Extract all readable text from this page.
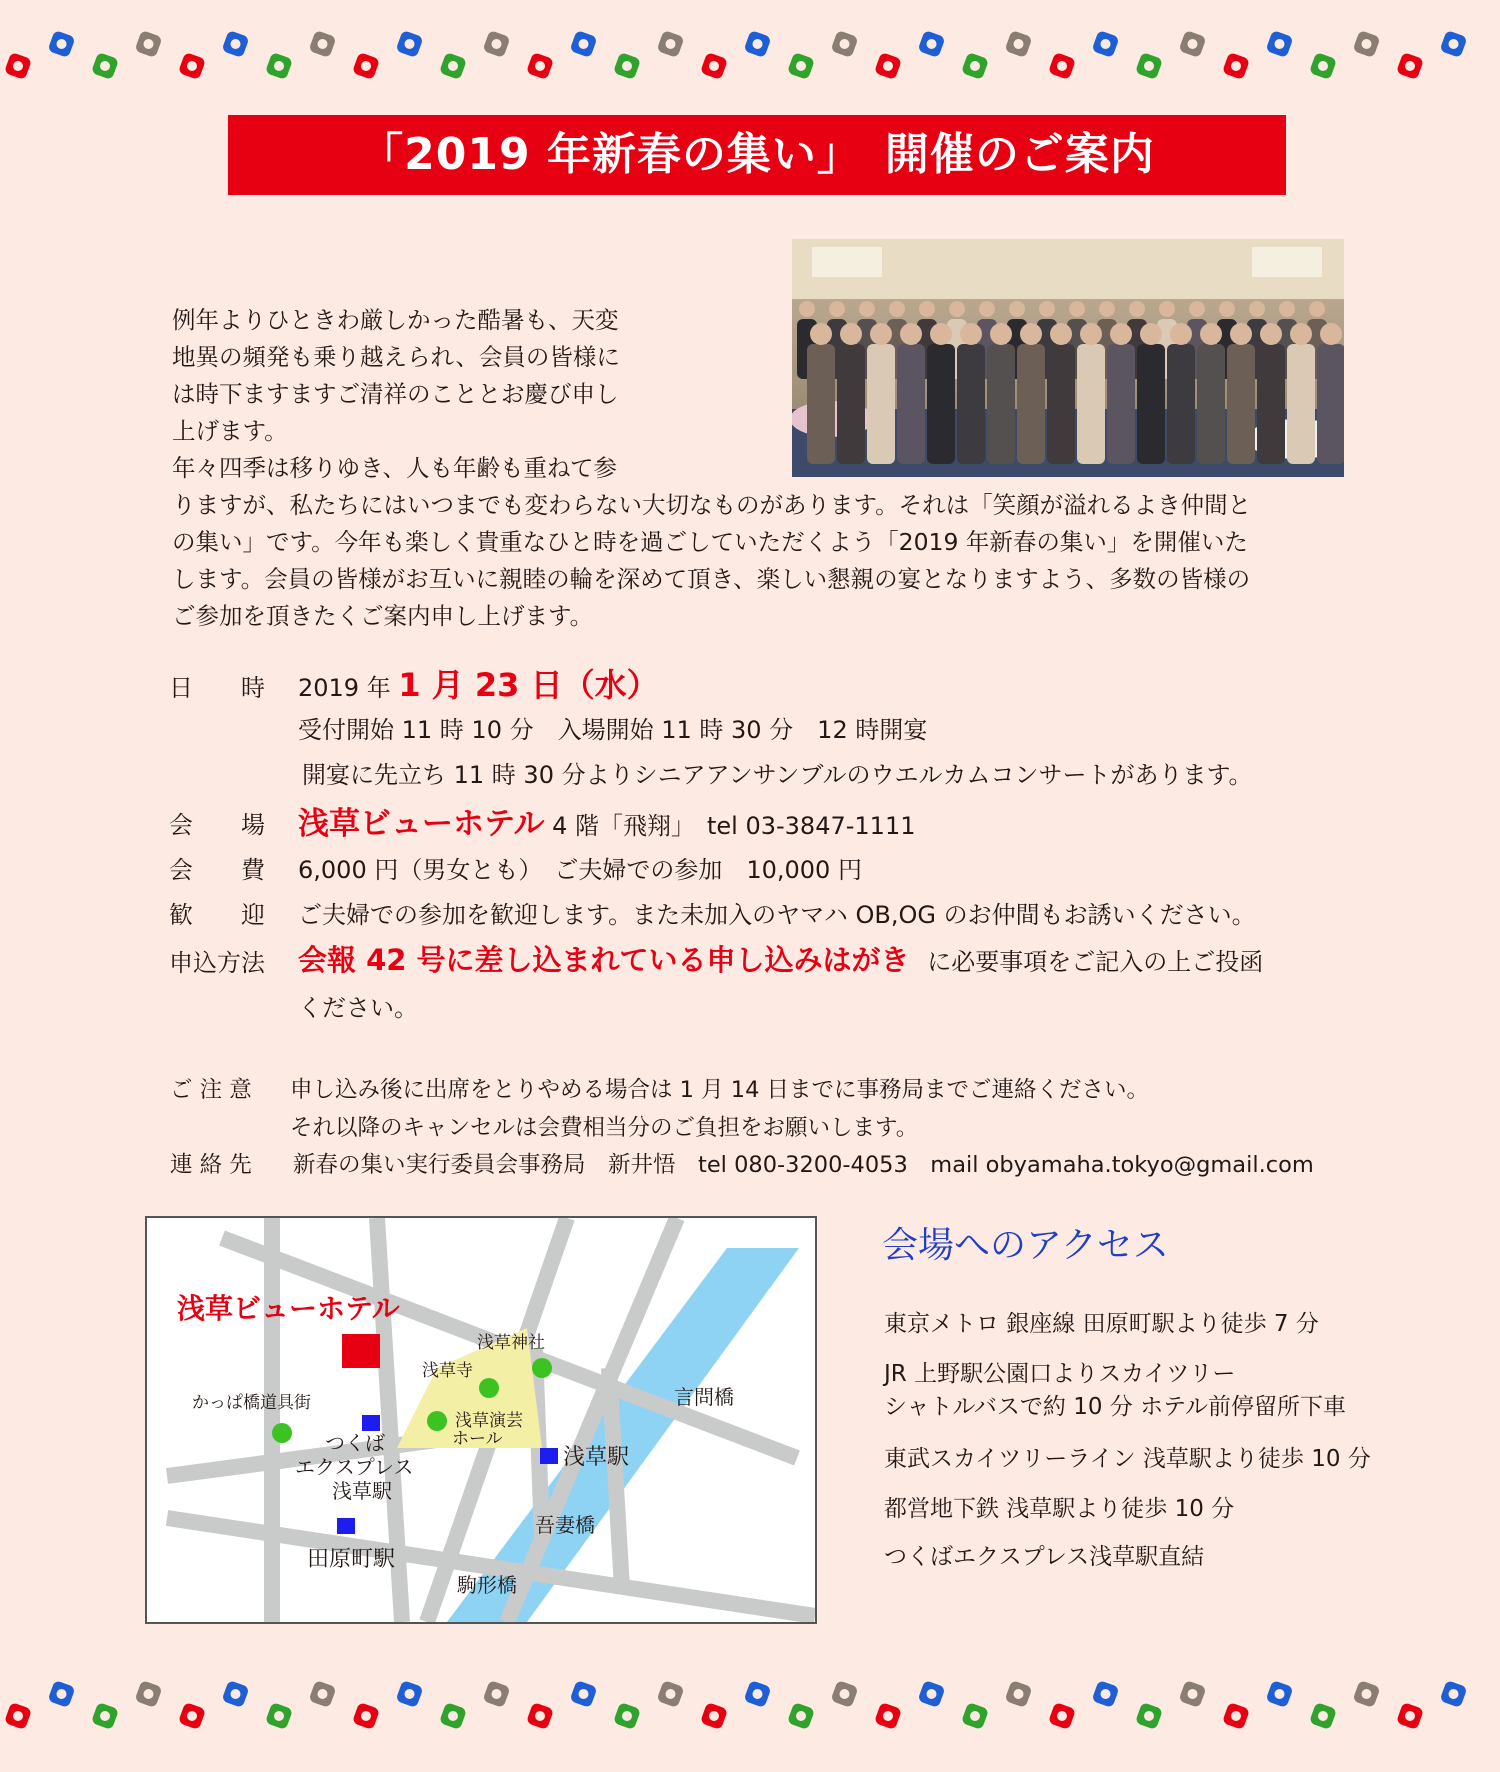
「2019 年新春の集い」　開催のご案内
例年よりひときわ厳しかった酷暑も、天変
地異の頻発も乗り越えられ、会員の皆様に
は時下ますますご清祥のこととお慶び申し
上げます。
年々四季は移りゆき、人も年齢も重ねて参
りますが、私たちにはいつまでも変わらない大切なものがあります。それは「笑顔が溢れるよき仲間と
の集い」です。今年も楽しく貴重なひと時を過ごしていただくよう「2019 年新春の集い」を開催いた
します。会員の皆様がお互いに親睦の輪を深めて頂き、楽しい懇親の宴となりますよう、多数の皆様の
ご参加を頂きたくご案内申し上げます。
日　　時 2019 年 1 月 23 日（水）
受付開始 11 時 10 分　入場開始 11 時 30 分　12 時開宴
開宴に先立ち 11 時 30 分よりシニアアンサンブルのウエルカムコンサートがあります。
会　　場 浅草ビューホテル 4 階「飛翔」　tel 03-3847-1111
会　　費 6,000 円（男女とも）　ご夫婦での参加　10,000 円
歓　　迎 ご夫婦での参加を歓迎します。また未加入のヤマハ OB,OG のお仲間もお誘いください。
申込方法 会報 42 号に差し込まれている申し込みはがき に必要事項をご記入の上ご投函
ください。
ご 注 意 申し込み後に出席をとりやめる場合は 1 月 14 日までに事務局までご連絡ください。
それ以降のキャンセルは会費相当分のご負担をお願いします。
連 絡 先 新春の集い実行委員会事務局　新井悟　tel 080-3200-4053　mail obyamaha.tokyo@gmail.com
浅草ビューホテル
浅草神社
浅草寺
かっぱ橋道具街
浅草演芸
ホール
つくば
エクスプレス
浅草駅
浅草駅
言問橋
吾妻橋
田原町駅
駒形橋
会場へのアクセス
東京メトロ 銀座線 田原町駅より徒歩 7 分
JR 上野駅公園口よりスカイツリー
シャトルバスで約 10 分 ホテル前停留所下車
東武スカイツリーライン 浅草駅より徒歩 10 分
都営地下鉄 浅草駅より徒歩 10 分
つくばエクスプレス浅草駅直結
